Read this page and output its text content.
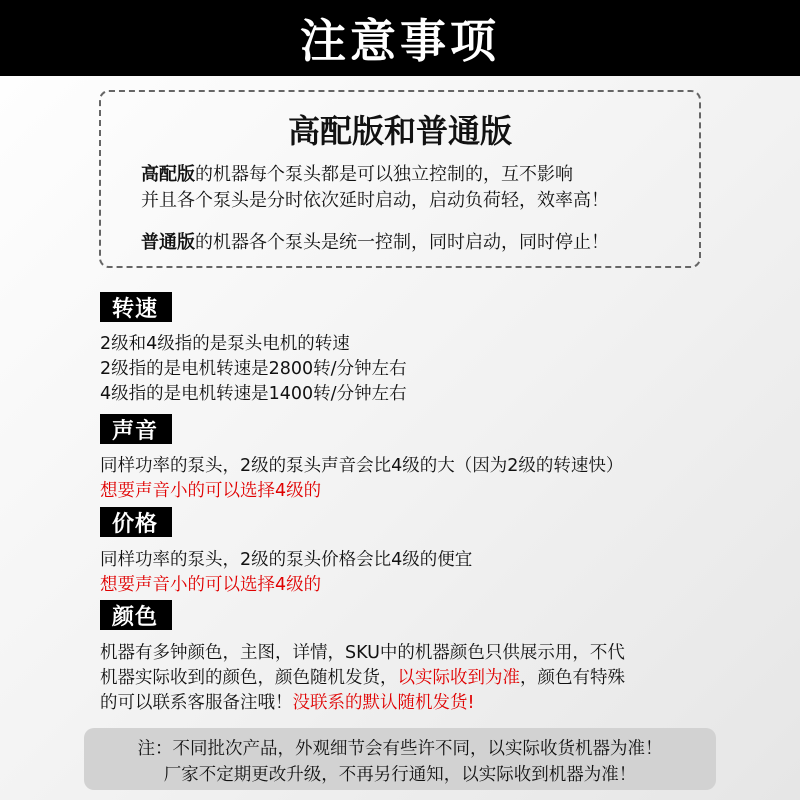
注意事项
高配版和普通版
高配版的机器每个泵头都是可以独立控制的，互不影响
并且各个泵头是分时依次延时启动，启动负荷轻，效率高！
普通版的机器各个泵头是统一控制，同时启动，同时停止！
转速
2级和4级指的是泵头电机的转速
2级指的是电机转速是2800转/分钟左右
4级指的是电机转速是1400转/分钟左右
声音
同样功率的泵头，2级的泵头声音会比4级的大（因为2级的转速快）
想要声音小的可以选择4级的
价格
同样功率的泵头，2级的泵头价格会比4级的便宜
想要声音小的可以选择4级的
颜色
机器有多钟颜色，主图，详情，SKU中的机器颜色只供展示用，不代
机器实际收到的颜色，颜色随机发货，以实际收到为准，颜色有特殊
的可以联系客服备注哦！没联系的默认随机发货!
注：不同批次产品，外观细节会有些许不同，以实际收货机器为准！
厂家不定期更改升级，不再另行通知，以实际收到机器为准！
